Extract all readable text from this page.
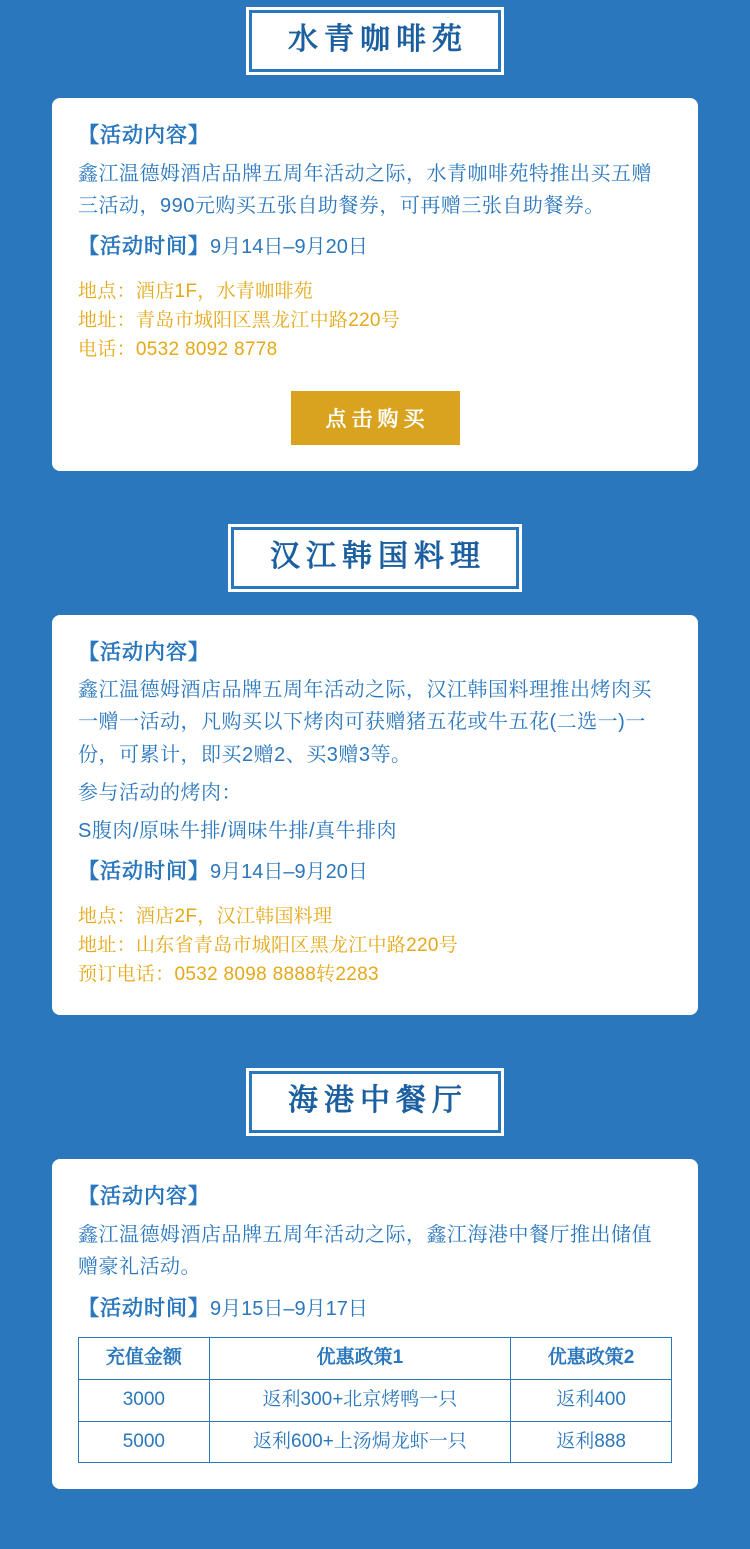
水青咖啡苑
【活动内容】

鑫江温德姆酒店品牌五周年活动之际，水青咖啡苑特推出买五赠三活动，990元购买五张自助餐券，可再赠三张自助餐券。

【活动时间】9月14日–9月20日
地点：酒店1F，水青咖啡苑
地址：青岛市城阳区黑龙江中路220号
电话：0532 8092 8778
点击购买
汉江韩国料理
【活动内容】

鑫江温德姆酒店品牌五周年活动之际，汉江韩国料理推出烤肉买一赠一活动，凡购买以下烤肉可获赠猪五花或牛五花(二选一)一份，可累计，即买2赠2、买3赠3等。

参与活动的烤肉：
S腹肉/原味牛排/调味牛排/真牛排肉
【活动时间】9月14日–9月20日
地点：酒店2F，汉江韩国料理
地址：山东省青岛市城阳区黑龙江中路220号
预订电话：0532 8098 8888转2283
海港中餐厅
【活动内容】

鑫江温德姆酒店品牌五周年活动之际，鑫江海港中餐厅推出储值赠豪礼活动。

【活动时间】9月15日–9月17日
充值金额	优惠政策1	优惠政策2
3000	返利300+北京烤鸭一只	返利400
5000	返利600+上汤焗龙虾一只	返利888
